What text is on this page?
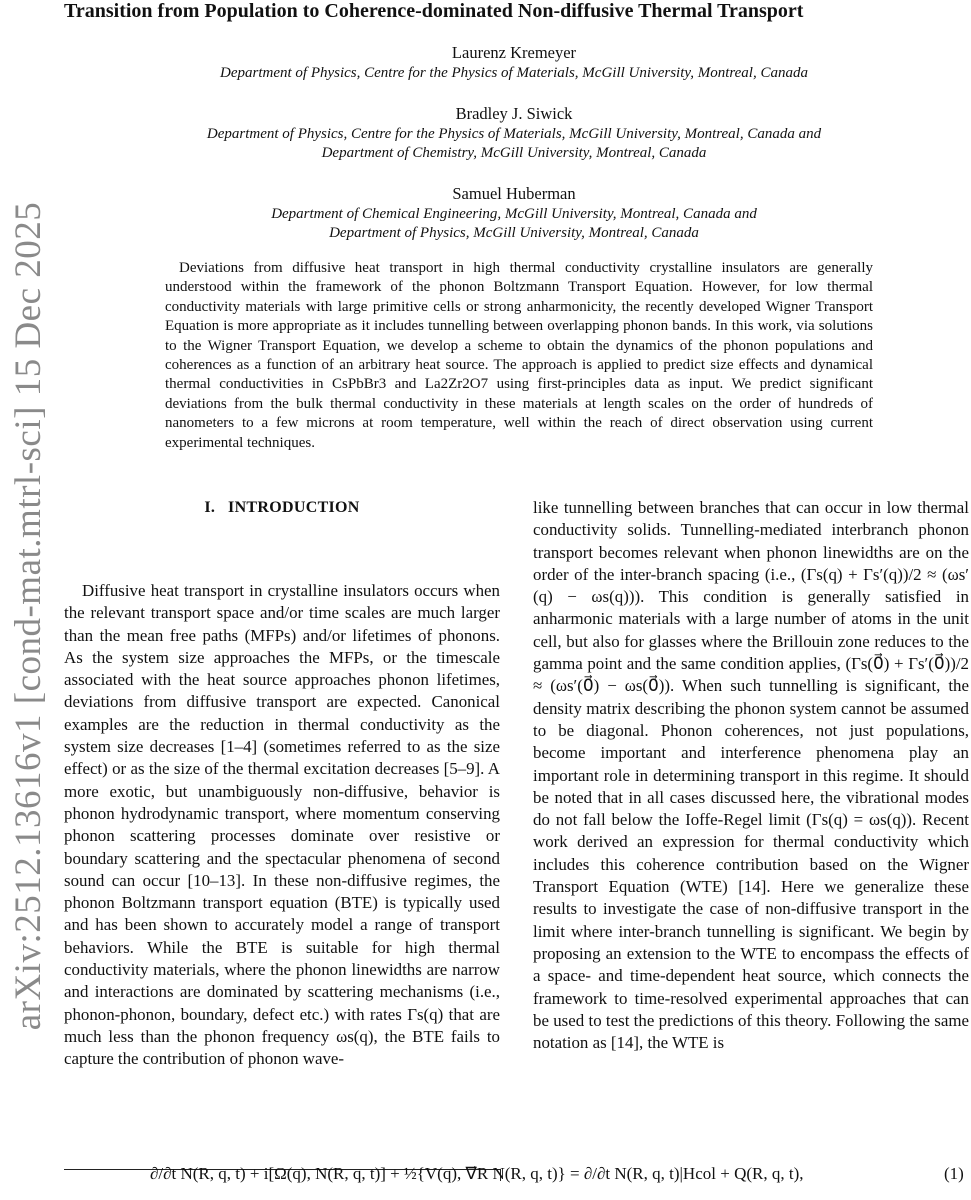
arXiv:2512.13616v1 [cond-mat.mtrl-sci] 15 Dec 2025
Transition from Population to Coherence-dominated Non-diffusive Thermal Transport
Laurenz Kremeyer
Department of Physics, Centre for the Physics of Materials, McGill University, Montreal, Canada
Bradley J. Siwick
Department of Physics, Centre for the Physics of Materials, McGill University, Montreal, Canada and
Department of Chemistry, McGill University, Montreal, Canada
Samuel Huberman
Department of Chemical Engineering, McGill University, Montreal, Canada and
Department of Physics, McGill University, Montreal, Canada

Deviations from diffusive heat transport in high thermal conductivity crystalline insulators are generally understood within the framework of the phonon Boltzmann Transport Equation. However, for low thermal conductivity materials with large primitive cells or strong anharmonicity, the recently developed Wigner Transport Equation is more appropriate as it includes tunnelling between overlapping phonon bands. In this work, via solutions to the Wigner Transport Equation, we develop a scheme to obtain the dynamics of the phonon populations and coherences as a function of an arbitrary heat source. The approach is applied to predict size effects and dynamical thermal conductivities in CsPbBr3 and La2Zr2O7 using first-principles data as input. We predict significant deviations from the bulk thermal conductivity in these materials at length scales on the order of hundreds of nanometers to a few microns at room temperature, well within the reach of direct observation using current experimental techniques.

I. INTRODUCTION

Diffusive heat transport in crystalline insulators occurs when the relevant transport space and/or time scales are much larger than the mean free paths (MFPs) and/or lifetimes of phonons. As the system size approaches the MFPs, or the timescale associated with the heat source approaches phonon lifetimes, deviations from diffusive transport are expected. Canonical examples are the reduction in thermal conductivity as the system size decreases [1–4] (sometimes referred to as the size effect) or as the size of the thermal excitation decreases [5–9]. A more exotic, but unambiguously non-diffusive, behavior is phonon hydrodynamic transport, where momentum conserving phonon scattering processes dominate over resistive or boundary scattering and the spectacular phenomena of second sound can occur [10–13]. In these non-diffusive regimes, the phonon Boltzmann transport equation (BTE) is typically used and has been shown to accurately model a range of transport behaviors. While the BTE is suitable for high thermal conductivity materials, where the phonon linewidths are narrow and interactions are dominated by scattering mechanisms (i.e., phonon-phonon, boundary, defect etc.) with rates Γs(q) that are much less than the phonon frequency ωs(q), the BTE fails to capture the contribution of phonon wave-

like tunnelling between branches that can occur in low thermal conductivity solids. Tunnelling-mediated interbranch phonon transport becomes relevant when phonon linewidths are on the order of the inter-branch spacing (i.e., (Γs(q) + Γs′(q))/2 ≈ (ωs′(q) − ωs(q))). This condition is generally satisfied in anharmonic materials with a large number of atoms in the unit cell, but also for glasses where the Brillouin zone reduces to the gamma point and the same condition applies, (Γs(0⃗) + Γs′(0⃗))/2 ≈ (ωs′(0⃗) − ωs(0⃗)). When such tunnelling is significant, the density matrix describing the phonon system cannot be assumed to be diagonal. Phonon coherences, not just populations, become important and interference phenomena play an important role in determining transport in this regime. It should be noted that in all cases discussed here, the vibrational modes do not fall below the Ioffe-Regel limit (Γs(q) = ωs(q)). Recent work derived an expression for thermal conductivity which includes this coherence contribution based on the Wigner Transport Equation (WTE) [14]. Here we generalize these results to investigate the case of non-diffusive transport in the limit where inter-branch tunnelling is significant. We begin by proposing an extension to the WTE to encompass the effects of a space- and time-dependent heat source, which connects the framework to time-resolved experimental approaches that can be used to test the predictions of this theory. Following the same notation as [14], the WTE is

∂/∂t N(R, q, t) + i[Ω(q), N(R, q, t)] + ½{V(q), ∇⃗R N(R, q, t)} = ∂/∂t N(R, q, t)|Hcol + Q(R, q, t),	(1)
